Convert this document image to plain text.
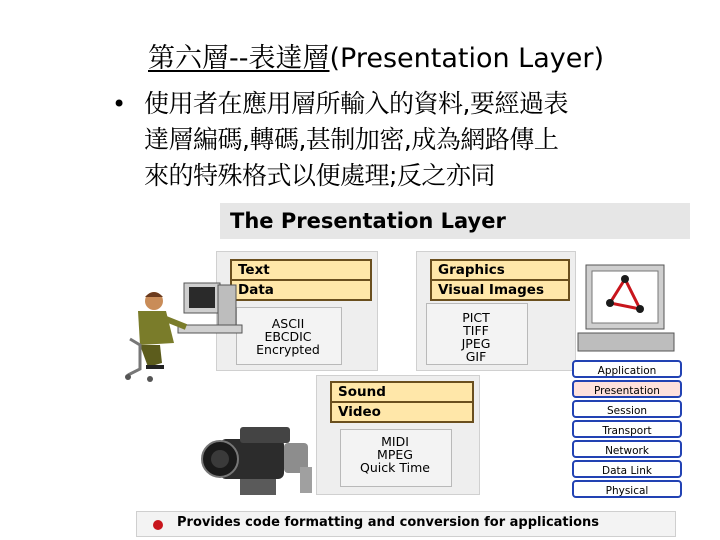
第六層--表達層(Presentation Layer)
• 使用者在應用層所輸入的資料,要經過表
達層編碼,轉碼,甚制加密,成為網路傳上
來的特殊格式以便處理;反之亦同
The Presentation Layer
Text
Data
ASCII
EBCDIC
Encrypted
Graphics
Visual Images
PICT
TIFF
JPEG
GIF
Sound
Video
MIDI
MPEG
Quick Time
Application
Presentation
Session
Transport
Network
Data Link
Physical
Provides code formatting and conversion for applications
